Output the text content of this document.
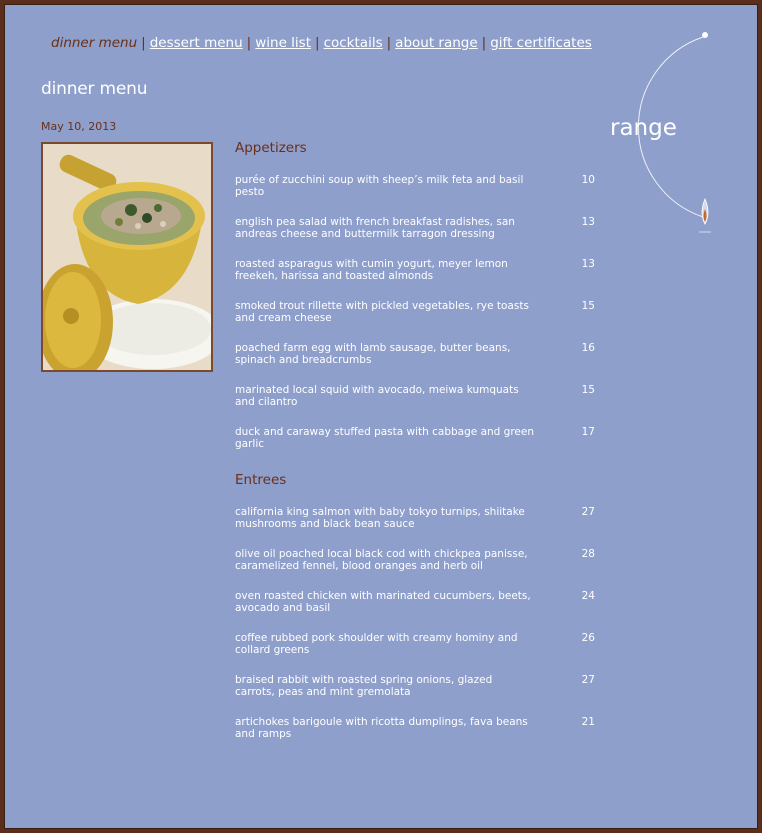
dinner menu | dessert menu | wine list | cocktails | about range | gift certificates
dinner menu
May 10, 2013	range
Appetizers
purée of zucchini soup with sheep’s milk feta and basil pesto
10
english pea salad with french breakfast radishes, san andreas cheese and buttermilk tarragon dressing
13
roasted asparagus with cumin yogurt, meyer lemon freekeh, harissa and toasted almonds
13
smoked trout rillette with pickled vegetables, rye toasts and cream cheese
15
poached farm egg with lamb sausage, butter beans, spinach and breadcrumbs
16
marinated local squid with avocado, meiwa kumquats and cilantro
15
duck and caraway stuffed pasta with cabbage and green garlic
17
Entrees
california king salmon with baby tokyo turnips, shiitake mushrooms and black bean sauce
27
olive oil poached local black cod with chickpea panisse, caramelized fennel, blood oranges and herb oil
28
oven roasted chicken with marinated cucumbers, beets, avocado and basil
24
coffee rubbed pork shoulder with creamy hominy and collard greens
26
braised rabbit with roasted spring onions, glazed carrots, peas and mint gremolata
27
artichokes barigoule with ricotta dumplings, fava beans and ramps
21
